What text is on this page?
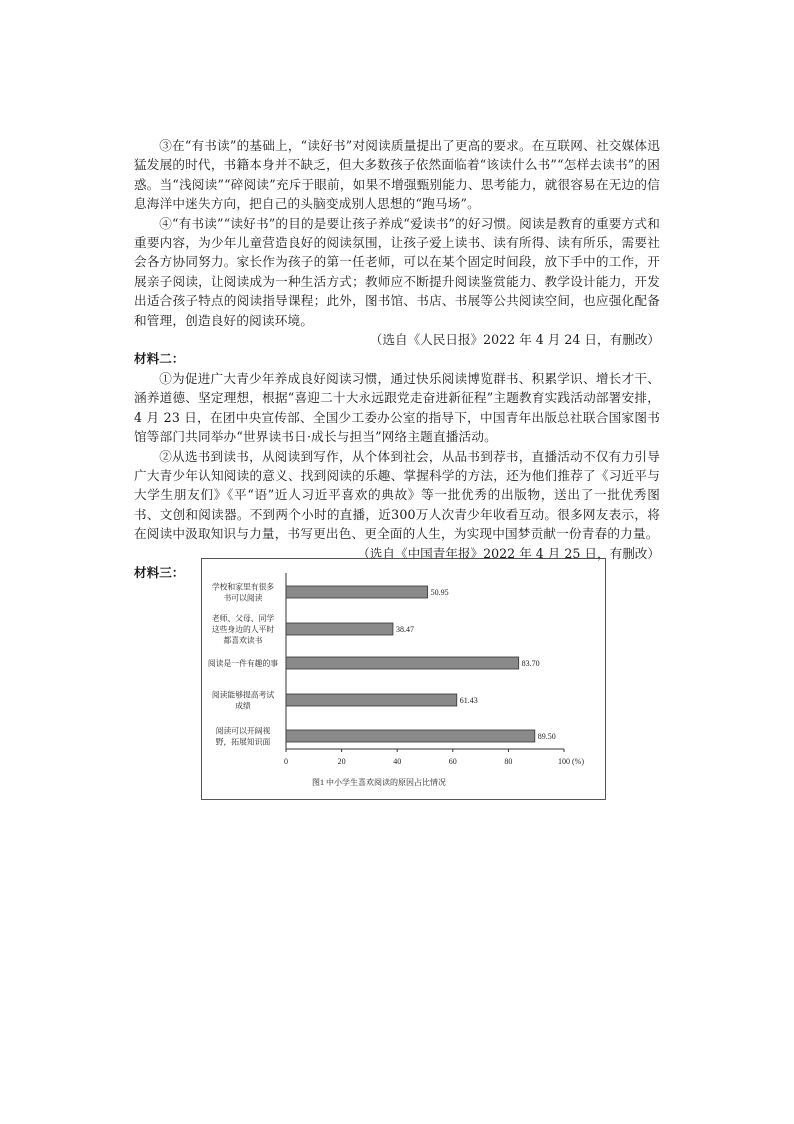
③在“有书读”的基础上，“读好书”对阅读质量提出了更高的要求。在互联网、社交媒体迅猛发展的时代，书籍本身并不缺乏，但大多数孩子依然面临着“该读什么书”“怎样去读书”的困惑。当“浅阅读”“碎阅读”充斥于眼前，如果不增强甄别能力、思考能力，就很容易在无边的信息海洋中迷失方向，把自己的头脑变成别人思想的“跑马场”。

④“有书读”“读好书”的目的是要让孩子养成“爱读书”的好习惯。阅读是教育的重要方式和重要内容，为少年儿童营造良好的阅读氛围，让孩子爱上读书、读有所得、读有所乐，需要社会各方协同努力。家长作为孩子的第一任老师，可以在某个固定时间段，放下手中的工作，开展亲子阅读，让阅读成为一种生活方式；教师应不断提升阅读鉴赏能力、教学设计能力，开发出适合孩子特点的阅读指导课程；此外，图书馆、书店、书展等公共阅读空间，也应强化配备和管理，创造良好的阅读环境。

（选自《人民日报》2022 年 4 月 24 日，有删改）
材料二：

①为促进广大青少年养成良好阅读习惯，通过快乐阅读博览群书、积累学识、增长才干、涵养道德、坚定理想，根据“喜迎二十大永远跟党走奋进新征程”主题教育实践活动部署安排，4 月 23 日，在团中央宣传部、全国少工委办公室的指导下，中国青年出版总社联合国家图书馆等部门共同举办“世界读书日·成长与担当”网络主题直播活动。

②从选书到读书，从阅读到写作，从个体到社会，从品书到荐书，直播活动不仅有力引导广大青少年认知阅读的意义、找到阅读的乐趣、掌握科学的方法，还为他们推荐了《习近平与大学生朋友们》《平“语”近人习近平喜欢的典故》等一批优秀的出版物，送出了一批优秀图书、文创和阅读器。不到两个小时的直播，近300万人次青少年收看互动。很多网友表示，将在阅读中汲取知识与力量，书写更出色、更全面的人生，为实现中国梦贡献一份青春的力量。

（选自《中国青年报》2022 年 4 月 25 日，有删改）
材料三：
0	20	40	60	80	100 (%)
50.95
学校和家里有很多
书可以阅读
38.47
老师、父母、同学
这些身边的人平时
都喜欢读书
83.70
阅读是一件有趣的事
61.43
阅读能够提高考试
成绩
89.50
阅读可以开阔视
野，拓展知识面
图1 中小学生喜欢阅读的原因占比情况
